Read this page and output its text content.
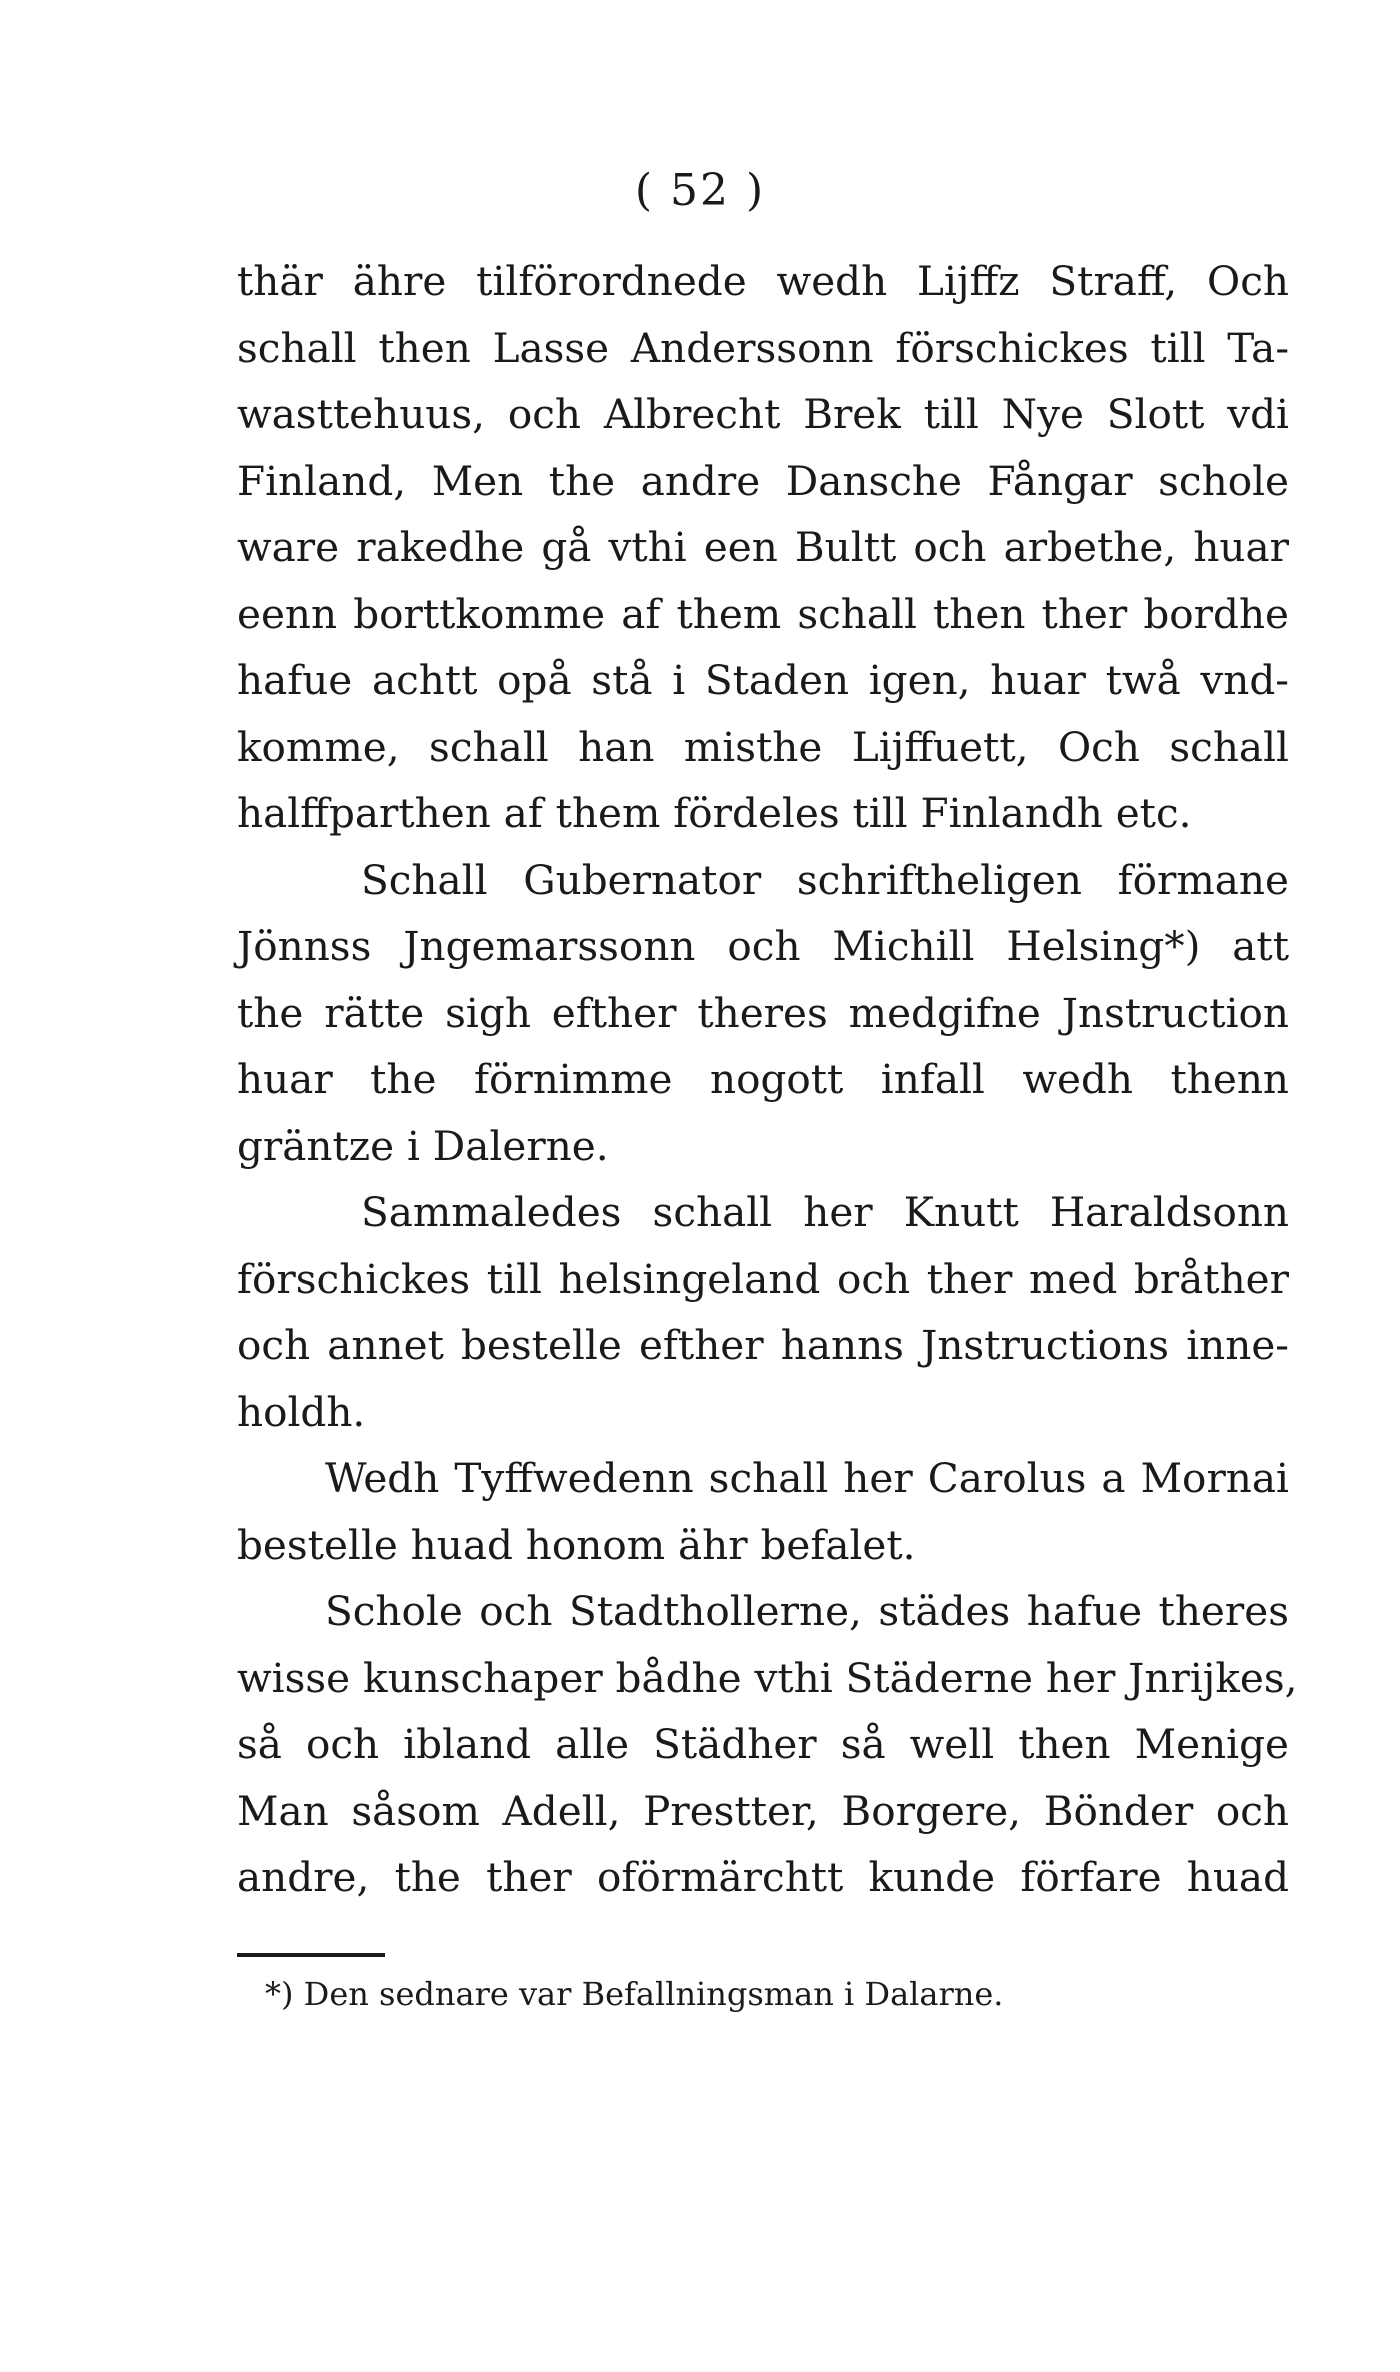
( 52 )
thär ähre tilförordnede wedh Lijffz Straff, Och
schall then Lasse Anderssonn förschickes till Ta-
wasttehuus, och Albrecht Brek till Nye Slott vdi
Finland, Men the andre Dansche Fångar schole
ware rakedhe gå vthi een Bultt och arbethe, huar
eenn borttkomme af them schall then ther bordhe
hafue achtt opå stå i Staden igen, huar twå vnd-
komme, schall han misthe Lijffuett, Och schall
halffparthen af them fördeles till Finlandh etc.
Schall Gubernator schriftheligen förmane
Jönnss Jngemarssonn och Michill Helsing*) att
the rätte sigh efther theres medgifne Jnstruction
huar the förnimme nogott infall wedh thenn
gräntze i Dalerne.
Sammaledes schall her Knutt Haraldsonn
förschickes till helsingeland och ther med bråther
och annet bestelle efther hanns Jnstructions inne-
holdh.
Wedh Tyffwedenn schall her Carolus a Mornai
bestelle huad honom ähr befalet.
Schole och Stadthollerne, städes hafue theres
wisse kunschaper bådhe vthi Städerne her Jnrijkes,
så och ibland alle Städher så well then Menige
Man såsom Adell, Prestter, Borgere, Bönder och
andre, the ther oförmärchtt kunde förfare huad
*) Den sednare var Befallningsman i Dalarne.
